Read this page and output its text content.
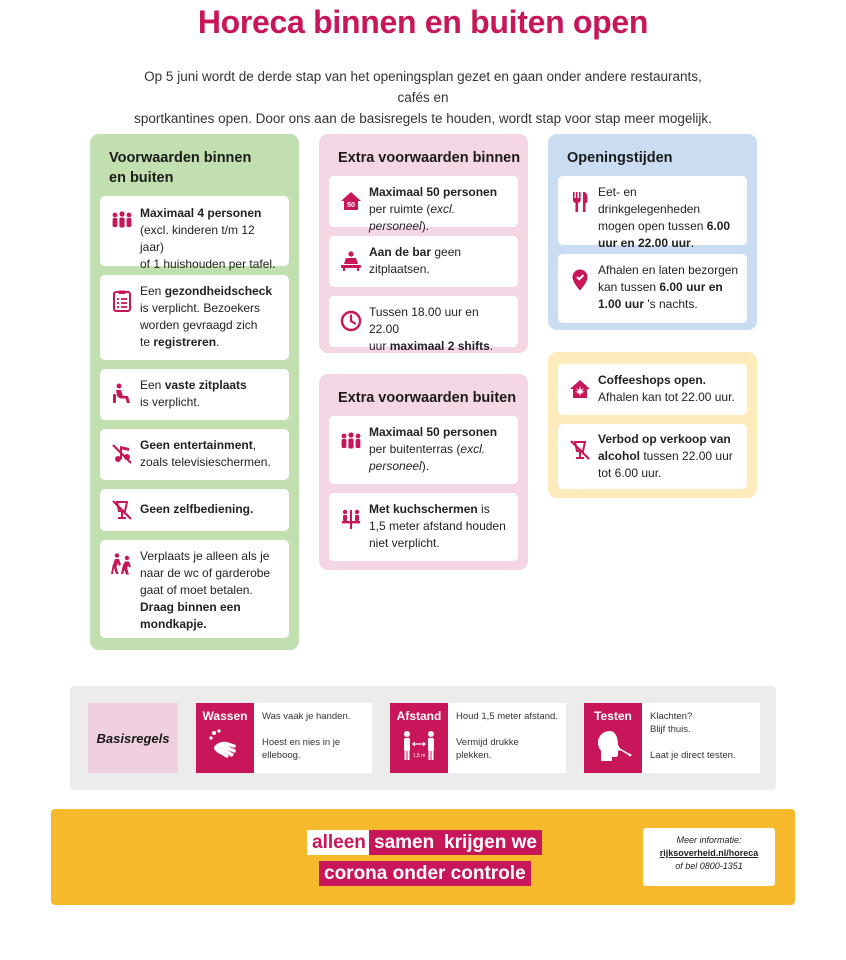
Horeca binnen en buiten open
Op 5 juni wordt de derde stap van het openingsplan gezet en gaan onder andere restaurants, cafés en
sportkantines open. Door ons aan de basisregels te houden, wordt stap voor stap meer mogelijk.
Voorwaarden binnen
en buiten
Maximaal 4 personen
(excl. kinderen t/m 12 jaar)
of 1 huishouden per tafel.
Een gezondheidscheck
is verplicht. Bezoekers
worden gevraagd zich
te registreren.
Een vaste zitplaats
is verplicht.
Geen entertainment,
zoals televisieschermen.
Geen zelfbediening.
Verplaats je alleen als je
naar de wc of garderobe
gaat of moet betalen.
Draag binnen een
mondkapje.
Extra voorwaarden binnen
50
Maximaal 50 personen
per ruimte (excl. personeel).
Aan de bar geen
zitplaatsen.
Tussen 18.00 uur en 22.00
uur maximaal 2 shifts.
Extra voorwaarden buiten
Maximaal 50 personen
per buitenterras (excl.
personeel).
Met kuchschermen is
1,5 meter afstand houden
niet verplicht.
Openingstijden
Eet- en drinkgelegenheden
mogen open tussen 6.00
uur en 22.00 uur.
Afhalen en laten bezorgen
kan tussen 6.00 uur en
1.00 uur 's nachts.
Coffeeshops open.
Afhalen kan tot 22.00 uur.
Verbod op verkoop van
alcohol tussen 22.00 uur
tot 6.00 uur.
Basisregels
Wassen	Was vaak je handen.
Hoest en nies in je
elleboog.
Afstand
1,5 m
Houd 1,5 meter afstand.
Vermijd drukke
plekken.
Testen	Klachten?
Blijf thuis.
Laat je direct testen.
alleen samen krijgen we
corona onder controle
Meer informatie:
rijksoverheid.nl/horeca
of bel 0800-1351
